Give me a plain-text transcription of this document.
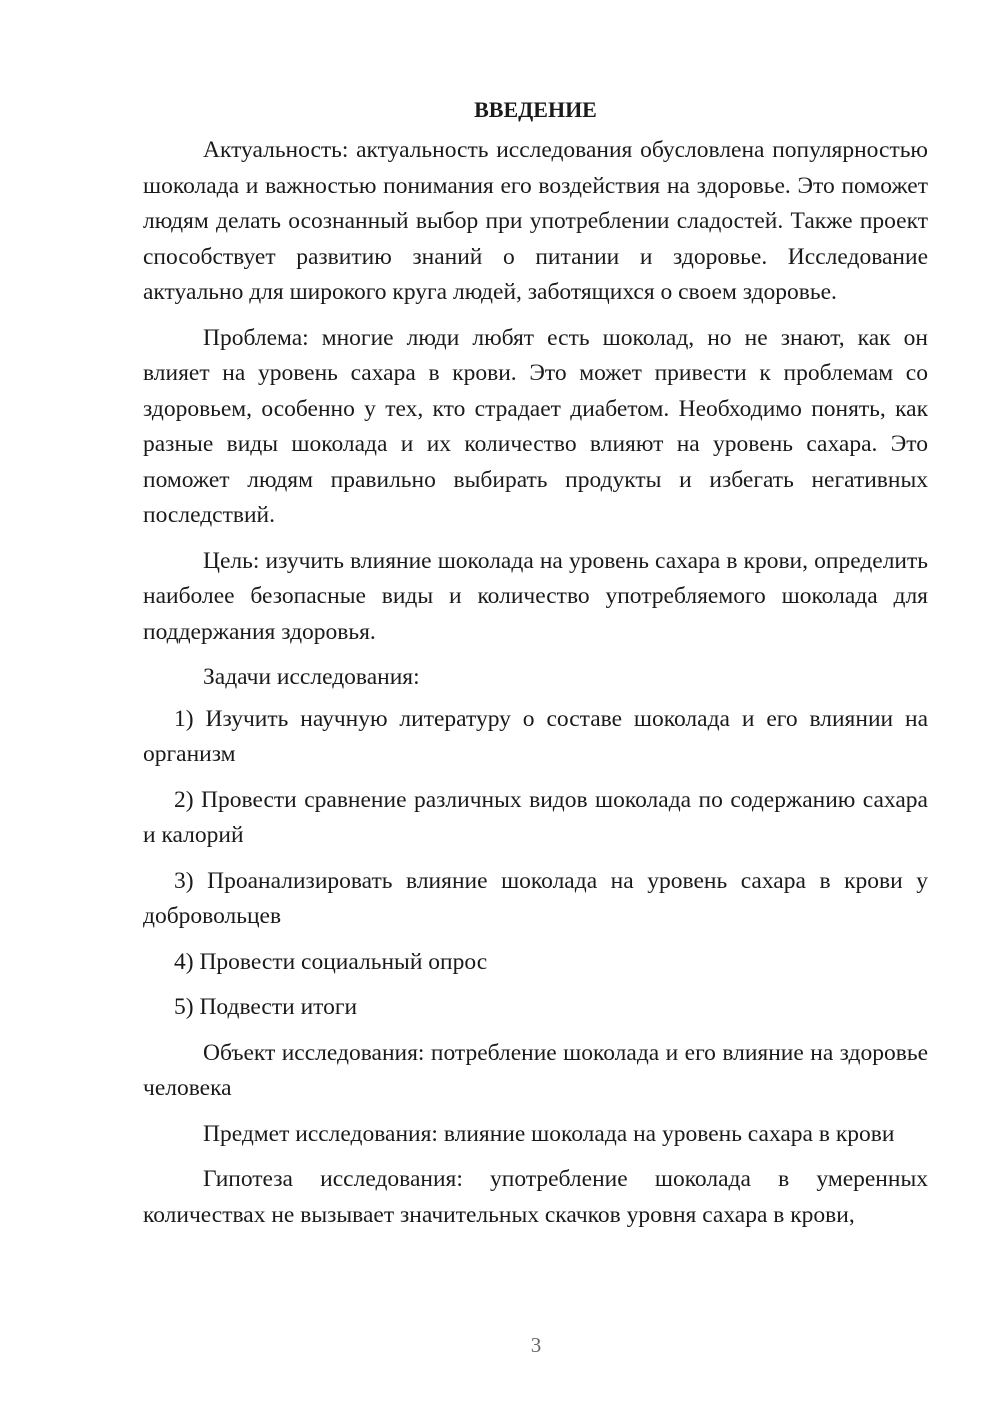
ВВЕДЕНИЕ

Актуальность: актуальность исследования обусловлена популярностью шоколада и важностью понимания его воздействия на здоровье. Это поможет людям делать осознанный выбор при употреблении сладостей. Также проект способствует развитию знаний о питании и здоровье. Исследование актуально для широкого круга людей, заботящихся о своем здоровье.

Проблема: многие люди любят есть шоколад, но не знают, как он влияет на уровень сахара в крови. Это может привести к проблемам со здоровьем, особенно у тех, кто страдает диабетом. Необходимо понять, как разные виды шоколада и их количество влияют на уровень сахара. Это поможет людям правильно выбирать продукты и избегать негативных последствий.

Цель: изучить влияние шоколада на уровень сахара в крови, определить наиболее безопасные виды и количество употребляемого шоколада для поддержания здоровья.

Задачи исследования:

1) Изучить научную литературу о составе шоколада и его влиянии на организм

2) Провести сравнение различных видов шоколада по содержанию сахара и калорий

3) Проанализировать влияние шоколада на уровень сахара в крови у добровольцев

4) Провести социальный опрос

5) Подвести итоги

Объект исследования: потребление шоколада и его влияние на здоровье человека

Предмет исследования: влияние шоколада на уровень сахара в крови

Гипотеза исследования: употребление шоколада в умеренных количествах не вызывает значительных скачков уровня сахара в крови,

3
